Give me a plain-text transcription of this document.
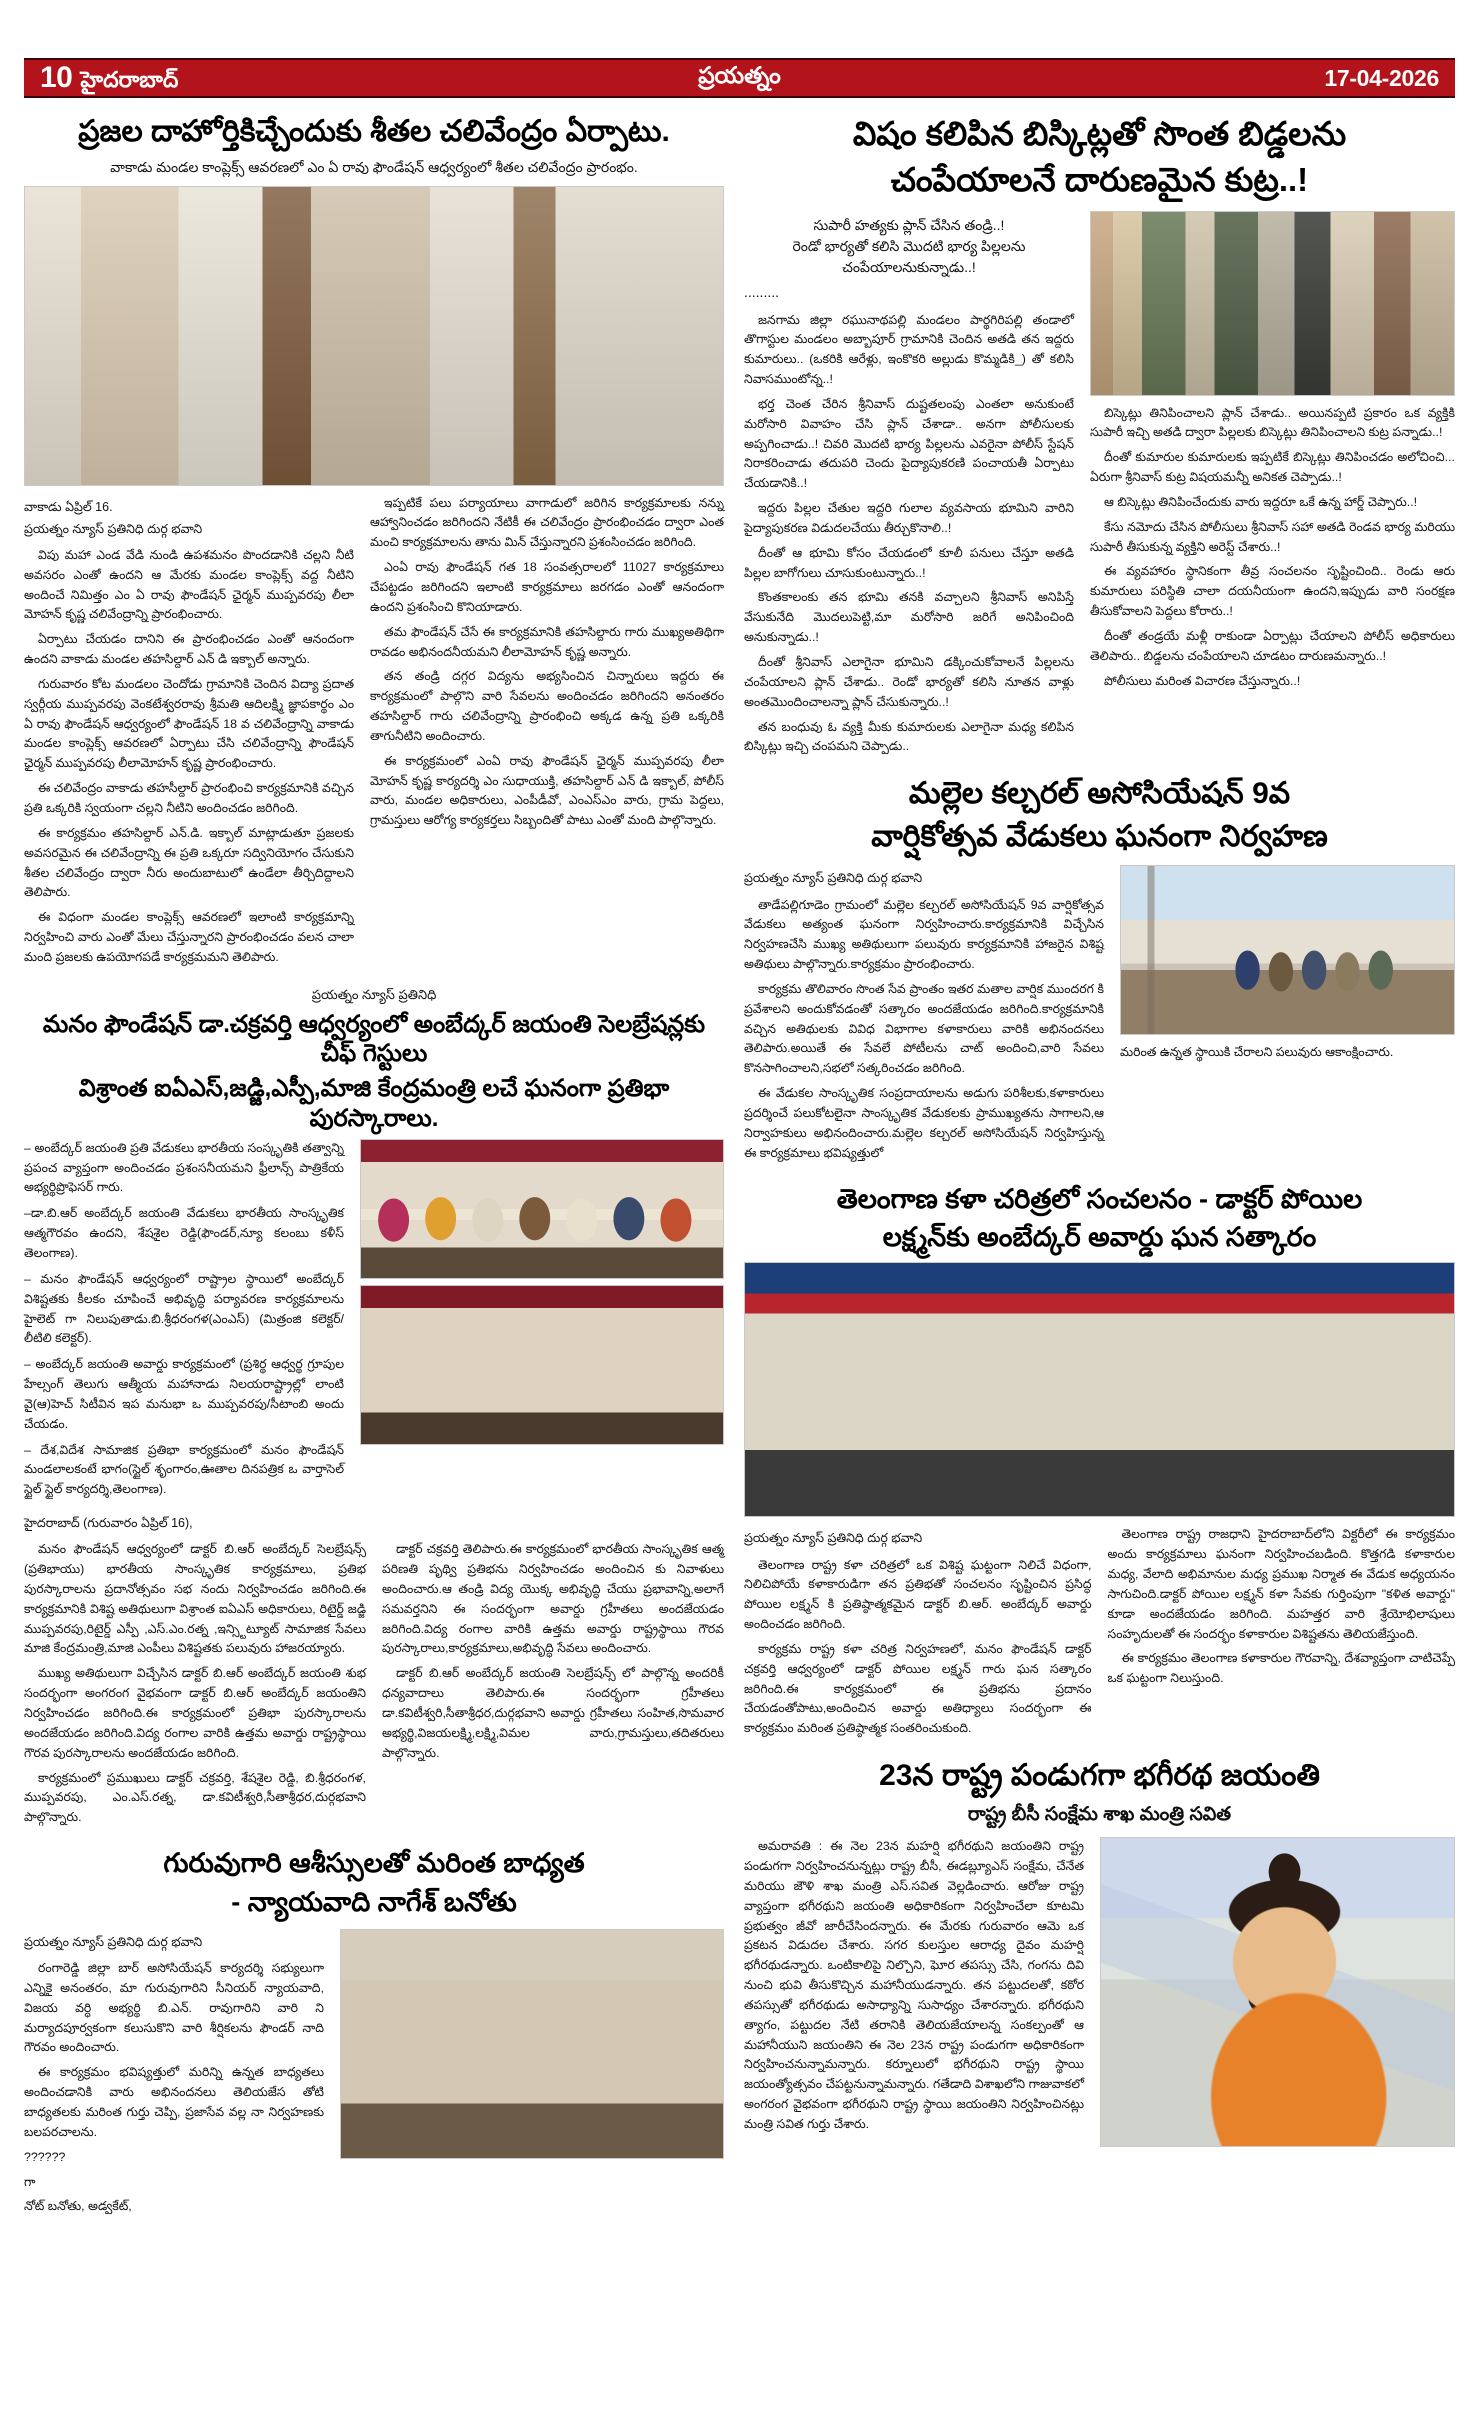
10 హైదరాబాద్	ప్రయత్నం	17-04-2026
ప్రజల దాహోర్తికిచ్చేందుకు శీతల చలివేంద్రం ఏర్పాటు.
వాకాడు మండల కాంప్లెక్స్ ఆవరణలో ఎం ఏ రావు ఫౌండేషన్ ఆధ్వర్యంలో శీతల చలివేంద్రం ప్రారంభం.
వాకాడు ఏప్రిల్ 16.
ప్రయత్నం న్యూస్ ప్రతినిధి దుర్గ భవాని

విపు మహా ఎండ వేడి నుండి ఉపశమనం పొందడానికి చల్లని నీటి అవసరం ఎంతో ఉందని ఆ మేరకు మండల కాంప్లెక్స్ వద్ద నీటిని అందించే నిమిత్తం ఎం ఏ రావు ఫౌండేషన్ ఛైర్మన్ ముప్పవరపు లీలా మోహన్ కృష్ణ చలివేంద్రాన్ని ప్రారంభించారు.

ఏర్పాటు చేయడం దానిని ఈ ప్రారంభించడం ఎంతో ఆనందంగా ఉందని వాకాడు మండల తహసిల్దార్ ఎన్ డి ఇక్బాల్ అన్నారు.

గురువారం కోట మండలం చెందోడు గ్రామానికి చెందిన విద్యా ప్రదాత స్వర్గీయ ముప్పవరపు వెంకటేశ్వరరావు శ్రీమతి ఆదిలక్ష్మి జ్ఞాపకార్థం ఎం ఏ రావు ఫౌండేషన్ ఆధ్వర్యంలో ఫౌండేషన్ 18 వ చలివేంద్రాన్ని వాకాడు మండల కాంప్లెక్స్ ఆవరణలో ఏర్పాటు చేసి చలివేంద్రాన్ని ఫౌండేషన్ ఛైర్మన్ ముప్పవరపు లీలామోహన్ కృష్ణ ప్రారంభించారు.

ఈ చలివేంద్రం వాకాడు తహసీల్దార్ ప్రారంభించి కార్యక్రమానికి వచ్చిన ప్రతి ఒక్కరికి స్వయంగా చల్లని నీటిని అందించడం జరిగింది.

ఈ కార్యక్రమం తహసిల్దార్ ఎన్.డి. ఇక్బాల్ మాట్లాడుతూ ప్రజలకు అవసరమైన ఈ చలివేంద్రాన్ని ఈ ప్రతి ఒక్కరూ సద్వినియోగం చేసుకుని శీతల చలివేంద్రం ద్వారా నీరు అందుబాటులో ఉండేలా తీర్చిదిద్దాలని తెలిపారు.

ఈ విధంగా మండల కాంప్లెక్స్ ఆవరణలో ఇలాంటి కార్యక్రమాన్ని నిర్వహించి వారు ఎంతో మేలు చేస్తున్నారని ప్రారంభించడం వలన చాలా మంది ప్రజలకు ఉపయోగపడే కార్యక్రమమని తెలిపారు.

ఇప్పటికే పలు పర్యాయాలు వాగాడులో జరిగిన కార్యక్రమాలకు నన్ను ఆహ్వానించడం జరిగిందని నేటికీ ఈ చలివేంద్రం ప్రారంభించడం ద్వారా ఎంత మంచి కార్యక్రమాలను తాను మిన్ చేస్తున్నారని ప్రశంసించడం జరిగింది.

ఎంఏ రావు ఫౌండేషన్ గత 18 సంవత్సరాలలో 11027 కార్యక్రమాలు చేపట్టడం జరిగిందని ఇలాంటి కార్యక్రమాలు జరగడం ఎంతో ఆనందంగా ఉందని ప్రశంసించి కొనియాడారు.

తమ ఫౌండేషన్ చేసే ఈ కార్యక్రమానికి తహసిల్దారు గారు ముఖ్యఅతిథిగా రావడం అభినందనీయమని లీలామోహన్ కృష్ణ అన్నారు.

తన తండ్రి దగ్గర విద్యను అభ్యసించిన చిన్నారులు ఇద్దరు ఈ కార్యక్రమంలో పాల్గొని వారి సేవలను అందించడం జరిగిందని అనంతరం తహసిల్దార్ గారు చలివేంద్రాన్ని ప్రారంభించి అక్కడ ఉన్న ప్రతి ఒక్కరికి తాగునీటిని అందించారు.

ఈ కార్యక్రమంలో ఎంఏ రావు ఫౌండేషన్ ఛైర్మన్ ముప్పవరపు లీలా మోహన్ కృష్ణ కార్యదర్శి ఎం సుధాయుక్తి, తహసిల్దార్ ఎన్ డి ఇక్బాల్, పోలీస్ వారు, మండల అధికారులు, ఎంపీడీవో, ఎంఎస్ఎం వారు, గ్రామ పెద్దలు, గ్రామస్తులు ఆరోగ్య కార్యకర్తలు సిబ్బందితో పాటు ఎంతో మంది పాల్గొన్నారు.

ప్రయత్నం న్యూస్ ప్రతినిధి
మనం ఫౌండేషన్ డా.చక్రవర్తి ఆధ్వర్యంలో అంబేద్కర్ జయంతి సెలబ్రేషన్లకు చీఫ్ గెస్టులు
విశ్రాంత ఐఏఎస్,జడ్జి,ఎస్పీ,మాజి కేంద్రమంత్రి లచే ఘనంగా ప్రతిభా పురస్కారాలు.

– అంబేద్కర్ జయంతి ప్రతి వేడుకలు భారతీయ సంస్కృతికి తత్వాన్ని ప్రపంచ వ్యాప్తంగా అందించడం ప్రశంసనీయమని ఫ్రీలాన్స్ పాత్రికేయ అభ్యర్థిప్రొఫెసర్ గారు.

–డా.బి.ఆర్ అంబేద్కర్ జయంతి వేడుకలు భారతీయ సాంస్కృతిక ఆత్మగౌరవం ఉందని, శేషశైల రెడ్డి(ఫౌండర్,న్యూ కలంబు కళీస్ తెలంగాణ).

– మనం ఫౌండేషన్ ఆధ్వర్యంలో రాష్ట్రాల స్థాయిలో అంబేద్కర్ విశిష్టతకు కీలకం చూపించే అభివృద్ధి పర్యావరణ కార్యక్రమాలను హైలెట్ గా నిలుపుతాడు.బి.శ్రీధరంగళ(ఎంఎస్) (మిత్రంజి కలెక్టర్/ లీటిలి కలెక్టర్).

– అంబేద్కర్ జయంతి అవార్డు కార్యక్రమంలో (ప్రశిర్థ ఆధ్వర్థ గ్రూపుల హేల్సంగ్ తెలుగు ఆత్మీయ మహానాడు నిలయరాష్ట్రాల్లో లాంటి వై(ఆ)హెచ్ సిటీవిన ఇప మనుభా ఒ ముప్పవరపు/సీటాంబి అందు చేయడం.

– దేశ,విదేశ సామాజిక ప్రతిభా కార్యక్రమంలో మనం ఫౌండేషన్ మండలాలకంటే భాగం(స్టైల్ శృంగారం,ఊతాల దినపత్రిక ఒ వార్తాసెల్ స్టైల్ స్టైల్ కార్యదర్శి,తెలంగాణ).

హైదరాబాద్ (గురువారం ఏప్రిల్ 16),

మనం ఫౌండేషన్ ఆధ్వర్యంలో డాక్టర్ బి.ఆర్ అంబేద్కర్ సెలబ్రేషన్స్ (ప్రతిభాయు) భారతీయ సాంస్కృతిక కార్యక్రమాలు, ప్రతిభ పురస్కారాలను ప్రదానోత్సవం సభ నందు నిర్వహించడం జరిగింది.ఈ కార్యక్రమానికి విశిష్ట అతిథులుగా విశ్రాంత ఐఏఎస్ అధికారులు, రిటైర్డ్ జడ్జి ముప్పవరపు,రిటైర్డ్ ఎస్పీ ,ఎస్.ఎం.రత్న ,ఇన్స్టిట్యూట్ సామాజిక సేవలు మాజి కేంద్రమంత్రి,మాజి ఎంపీలు విశిష్టతకు పలువురు హాజరయ్యారు.

ముఖ్య అతిథులుగా విచ్చేసిన డాక్టర్ బి.ఆర్ అంబేద్కర్ జయంతి శుభ సందర్భంగా అంగరంగ వైభవంగా డాక్టర్ బి.ఆర్ అంబేద్కర్ జయంతిని నిర్వహించడం జరిగింది.ఈ కార్యక్రమంలో ప్రతిభా పురస్కారాలను అందజేయడం జరిగింది.విద్య రంగాల వారికి ఉత్తమ అవార్డు రాష్ట్రస్థాయి గౌరవ పురస్కారాలను అందజేయడం జరిగింది.

కార్యక్రమంలో ప్రముఖులు డాక్టర్ చక్రవర్తి, శేషశైల రెడ్డి, బి.శ్రీధరంగళ, ముప్పవరపు, ఎం.ఎస్.రత్న, డా.కవిటీశ్వరి,సీతాశ్రీధర,దుర్గభవాని పాల్గొన్నారు.

డాక్టర్ చక్రవర్తి తెలిపారు.ఈ కార్యక్రమంలో భారతీయ సాంస్కృతిక ఆత్మ పరిణతి పృథ్వి ప్రతిభను నిర్వహించడం అందించిన కు నివాళులు అందించారు.ఆ తండ్రి విద్య యొక్క అభివృద్ధి చేయు ప్రభావాన్ని,అలాగే సమవర్తనిని ఈ సందర్భంగా అవార్డు గ్రహీతలు అందజేయడం జరిగింది.విద్య రంగాల వారికి ఉత్తమ అవార్డు రాష్ట్రస్థాయి గౌరవ పురస్కారాలు,కార్యక్రమాలు,అభివృద్ధి సేవలు అందించారు.

డాక్టర్ బి.ఆర్ అంబేద్కర్ జయంతి సెలబ్రేషన్స్ లో పాల్గొన్న అందరికీ ధన్యవాదాలు తెలిపారు.ఈ సందర్భంగా గ్రహీతలు డా.కవిటీశ్వరి,సీతాశ్రీధర,దుర్గభవాని అవార్డు గ్రహీతలు సంహిత,సొమవార అభ్యర్థి,విజయలక్ష్మి,లక్ష్మి,విమల వారు,గ్రామస్తులు,తదితరులు పాల్గొన్నారు.

గురువుగారి ఆశీస్సులతో మరింత బాధ్యత
- న్యాయవాది నాగేశ్ బనోతు
ప్రయత్నం న్యూస్ ప్రతినిధి దుర్గ భవాని

రంగారెడ్డి జిల్లా బార్ అసోసియేషన్ కార్యదర్శి సభ్యులుగా ఎన్నికై అనంతరం, మా గురువుగారిని సీనియర్ న్యాయవాది, విజయ వర్ధి అభ్యర్థి బి.ఎన్. రావుగారిని వారి ని మర్యాదపూర్వకంగా కలుసుకొని వారి శీర్షికలను ఫౌండర్ నాది గౌరవం అందించారు.

ఈ కార్యక్రమం భవిష్యత్తులో మరిన్ని ఉన్నత బాధ్యతలు అందించడానికి వారు అభినందనలు తెలియజేస తోటి బాధ్యతలకు మరింత గుర్తు చెప్పి, ప్రజాసేవ వల్ల నా నిర్వహణకు బలపరచాలను.

??????

గా

నోట్ బనోతు, అడ్వకేట్,

విషం కలిపిన బిస్కిట్లతో సొంత బిడ్డలను
చంపేయాలనే దారుణమైన కుట్ర..!
సుపారీ హత్యకు ప్లాన్ చేసిన తండ్రి..!
రెండో భార్యతో కలిసి మొదటి భార్య పిల్లలను
చంపేయాలనుకున్నాడు..!
.........

జనగామ జిల్లా రఘునాథపల్లి మండలం పార్థగిరిపల్లి తండాలో తొగాస్టుల మండలం అబ్బాపూర్ గ్రామానికి చెందిన అతడి తన ఇద్దరు కుమారులు.. (ఒకరికి ఆరేళ్లు, ఇంకొకరి అల్లుడు కొమ్మడికి_) తో కలిసి నివాసముంటోన్న..!

భర్త చెంత చేరిన శ్రీనివాస్ దుష్టతలంపు ఎంతలా అనుకుంటే మరోసారి వివాహం చేసి ప్లాన్ చేశాడా.. అనగా పోలీసులకు అప్పగించాడు..! చివరి మొదటి భార్య పిల్లలను ఎవరైనా పోలీస్ స్టేషన్ నిరాకరించాడు తదుపరి చెందు పైద్యాపుకరణి పంచాయతీ ఏర్పాటు చేయడానికి..!

ఇద్దరు పిల్లల చేతుల ఇద్దరి గులాల వ్యవసాయ భూమిని వారిని పైద్యాపుకరణ విడుదలచేయు తీర్చుకొనాలి..!

దీంతో ఆ భూమి కోసం చేయడంలో కూలీ పనులు చేస్తూ అతడి పిల్లల బాగోగులు చూసుకుంటున్నారు..!

కొంతకాలంకు తన భూమి తనకి వచ్చాలని శ్రీనివాస్ అనిపిస్తే వేసుకునేది మొదలుపెట్టి,మా మరోసారి జరిగే అనిపించింది అనుకున్నాడు..!

దీంతో శ్రీనివాస్ ఎలాగైనా భూమిని డక్కించుకోవాలనే పిల్లలను చంపేయాలని ప్లాన్ చేశాడు.. రెండో భార్యతో కలిసి నూతన వాళ్లు అంతమొందించాలన్నా ప్లాన్ చేసుకున్నారు..!

తన బంధువు ఓ వ్యక్తి మీకు కుమారులకు ఎలాగైనా మధ్య కలిపిన బిస్కిట్లు ఇచ్చి చంపమని చెప్పాడు..

బిస్కెట్లు తినిపించాలని ప్లాన్ చేశాడు.. అయినప్పటి ప్రకారం ఒక వ్యక్తికి సుపారీ ఇచ్చి అతడి ద్వారా పిల్లలకు బిస్కెట్లు తినిపించాలని కుట్ర పన్నాడు..!

దీంతో కుమారుల కుమారులకు ఇప్పటికే బిస్కెట్లు తినిపించడం అలోచించి... ఏరుగా శ్రీనివాస్ కుట్ర విషయమన్నీ అనికత చెప్పాడు..!

ఆ బిస్కెట్లు తినిపించేందుకు వారు ఇద్దరూ ఒకే ఉన్న హార్డ్ చెప్పారు..!

కేసు నమోదు చేసిన పోలీసులు శ్రీనివాస్ సహా అతడి రెండవ భార్య మరియు సుపారీ తీసుకున్న వ్యక్తిని అరెస్ట్ చేశారు..!

ఈ వ్యవహారం స్థానికంగా తీవ్ర సంచలనం సృష్టించింది.. రెండు ఆరు కుమారులు పరిస్థితి చాలా దయనీయంగా ఉందని,ఇప్పుడు వారి సంరక్షణ తీసుకోవాలని పెద్దలు కోరారు..!

దీంతో తండ్రయే మళ్లీ రాకుండా ఏర్పాట్లు చేయాలని పోలీస్ అధికారులు తెలిపారు.. బిడ్డలను చంపేయాలని చూడటం దారుణమన్నారు..!

పోలీసులు మరింత విచారణ చేస్తున్నారు..!

మల్లెల కల్చరల్ అసోసియేషన్ 9వ
వార్షికోత్సవ వేడుకలు ఘనంగా నిర్వహణ
ప్రయత్నం న్యూస్ ప్రతినిధి దుర్గ భవాని

తాడేపల్లిగూడెం గ్రామంలో మల్లెల కల్చరల్ అసోసియేషన్ 9వ వార్షికోత్సవ వేడుకలు అత్యంత ఘనంగా నిర్వహించారు.కార్యక్రమానికి విచ్చేసిన నిర్వహణచేసి ముఖ్య అతిథులుగా పలువురు కార్యక్రమానికి హాజరైన విశిష్ట అతిథులు పాల్గొన్నారు.కార్యక్రమం ప్రారంభించారు.

కార్యక్రమ తొలివారం సొంత సేవ ప్రాంతం ఇతర మతాల వార్షిక ముందరగ కి ప్రవేశాలని అందుకోవడంతో సత్కారం అందజేయడం జరిగింది.కార్యక్రమానికి వచ్చిన అతిథులకు వివిధ విభాగాల కళాకారులు వారికి అభినందనలు తెలిపారు.అయితే ఈ సేవలే పోటీలను చాట్ అందించి,వారి సేవలు కొనసాగించాలని,సభలో సత్కరించడం జరిగింది.

ఈ వేడుకల సాంస్కృతిక సంప్రదాయాలను అడుగు పరిశీలకు,కళాకారులు ప్రదర్శించే పలుకోటలైనా సాంస్కృతిక వేడుకలకు ప్రాముఖ్యతను సాగాలని,ఆ నిర్వాహకులు అభినందించారు.మల్లెల కల్చరల్ అసోసియేషన్ నిర్వహిస్తున్న ఈ కార్యక్రమాలు భవిష్యత్తులో

మరింత ఉన్నత స్థాయికి చేరాలని పలువురు ఆకాంక్షించారు.

తెలంగాణ కళా చరిత్రలో సంచలనం - డాక్టర్ పోయిల
లక్ష్మన్‌కు అంబేద్కర్ అవార్డు ఘన సత్కారం
ప్రయత్నం న్యూస్ ప్రతినిధి దుర్గ భవాని

తెలంగాణ రాష్ట్ర కళా చరిత్రలో ఒక విశిష్ట ఘట్టంగా నిలిచే విధంగా, నిలిచిపోయే కళాకారుడిగా తన ప్రతిభతో సంచలనం సృష్టించిన ప్రసిద్ధ పోయిల లక్ష్మన్ కి ప్రతిష్ఠాత్మకమైన డాక్టర్ బి.ఆర్. అంబేద్కర్ అవార్డు అందించడం జరిగింది.

కార్యక్రమ రాష్ట్ర కళా చరిత్ర నిర్వహణలో, మనం ఫౌండేషన్ డాక్టర్ చక్రవర్తి ఆధ్వర్యంలో డాక్టర్ పోయిల లక్ష్మన్ గారు ఘన సత్కారం జరిగింది.ఈ కార్యక్రమంలో ఈ ప్రతిభను ప్రదానం చేయడంతోపాటు,అందించిన అవార్డు అతిధ్యాలు సందర్భంగా ఈ కార్యక్రమం మరింత ప్రతిష్ఠాత్మక సంతరించుకుంది.

తెలంగాణ రాష్ట్ర రాజధాని హైదరాబాద్‌లోని విక్టరీలో ఈ కార్యక్రమం అందు కార్యక్రమాలు ఘనంగా నిర్వహించబడింది. కొత్తగడి కళాకారుల మధ్య, వేలాది అభిమానుల మధ్య ప్రముఖ నిర్మాత ఈ వేడుక అధ్యయనం సాగుచింది.డాక్టర్ పోయిల లక్ష్మన్ కళా సేవకు గుర్తింపుగా "కళిత అవార్డు" కూడా అందజేయడం జరిగింది. మహత్తర వారి శ్రేయోభిలాషులు సంహృదులతో ఈ సందర్భం కళాకారుల విశిష్టతను తెలియజేస్తుంది.

ఈ కార్యక్రమం తెలంగాణ కళాకారుల గౌరవాన్ని, దేశవ్యాప్తంగా చాటిచెప్పే ఒక ఘట్టంగా నిలుస్తుంది.

23న రాష్ట్ర పండుగగా భగీరథ జయంతి
రాష్ట్ర బీసీ సంక్షేమ శాఖ మంత్రి సవిత

అమరావతి : ఈ నెల 23న మహర్షి భగీరథుని జయంతిని రాష్ట్ర పండుగగా నిర్వహించనున్నట్లు రాష్ట్ర బీసీ, ఈడబ్ల్యూఎస్ సంక్షేమ, చేనేత మరియు జౌళి శాఖ మంత్రి ఎస్.సవిత వెల్లడించారు. ఆరోజు రాష్ట్ర వ్యాప్తంగా భగీరథుని జయంతి అధికారికంగా నిర్వహించేలా కూటమి ప్రభుత్వం జీవో జారీచేసిందన్నారు. ఈ మేరకు గురువారం ఆమె ఒక ప్రకటన విడుదల చేశారు. సగర కులస్తుల ఆరాధ్య దైవం మహర్షి భగీరథుడన్నారు. ఒంటికాలిపై నిల్చొని, ఘోర తపస్సు చేసి, గంగను దివి నుంచి భువి తీసుకొచ్చిన మహానీయుడన్నారు. తన పట్టుదలతో, కఠోర తపస్సుతో భగీరథుడు అసాధ్యాన్ని సుసాధ్యం చేశారన్నారు. భగీరథుని త్యాగం, పట్టుదల నేటి తరానికి తెలియజేయాలన్న సంకల్పంతో ఆ మహానీయుని జయంతిని ఈ నెల 23న రాష్ట్ర పండుగగా అధికారికంగా నిర్వహించనున్నామన్నారు. కర్నూలులో భగీరథుని రాష్ట్ర స్థాయి జయంత్యోత్సవం చేపట్టనున్నామన్నారు. గతేడాది విశాఖలోని గాజువాకలో అంగరంగ వైభవంగా భగీరథుని రాష్ట్ర స్థాయి జయంతిని నిర్వహించినట్లు మంత్రి సవిత గుర్తు చేశారు.
